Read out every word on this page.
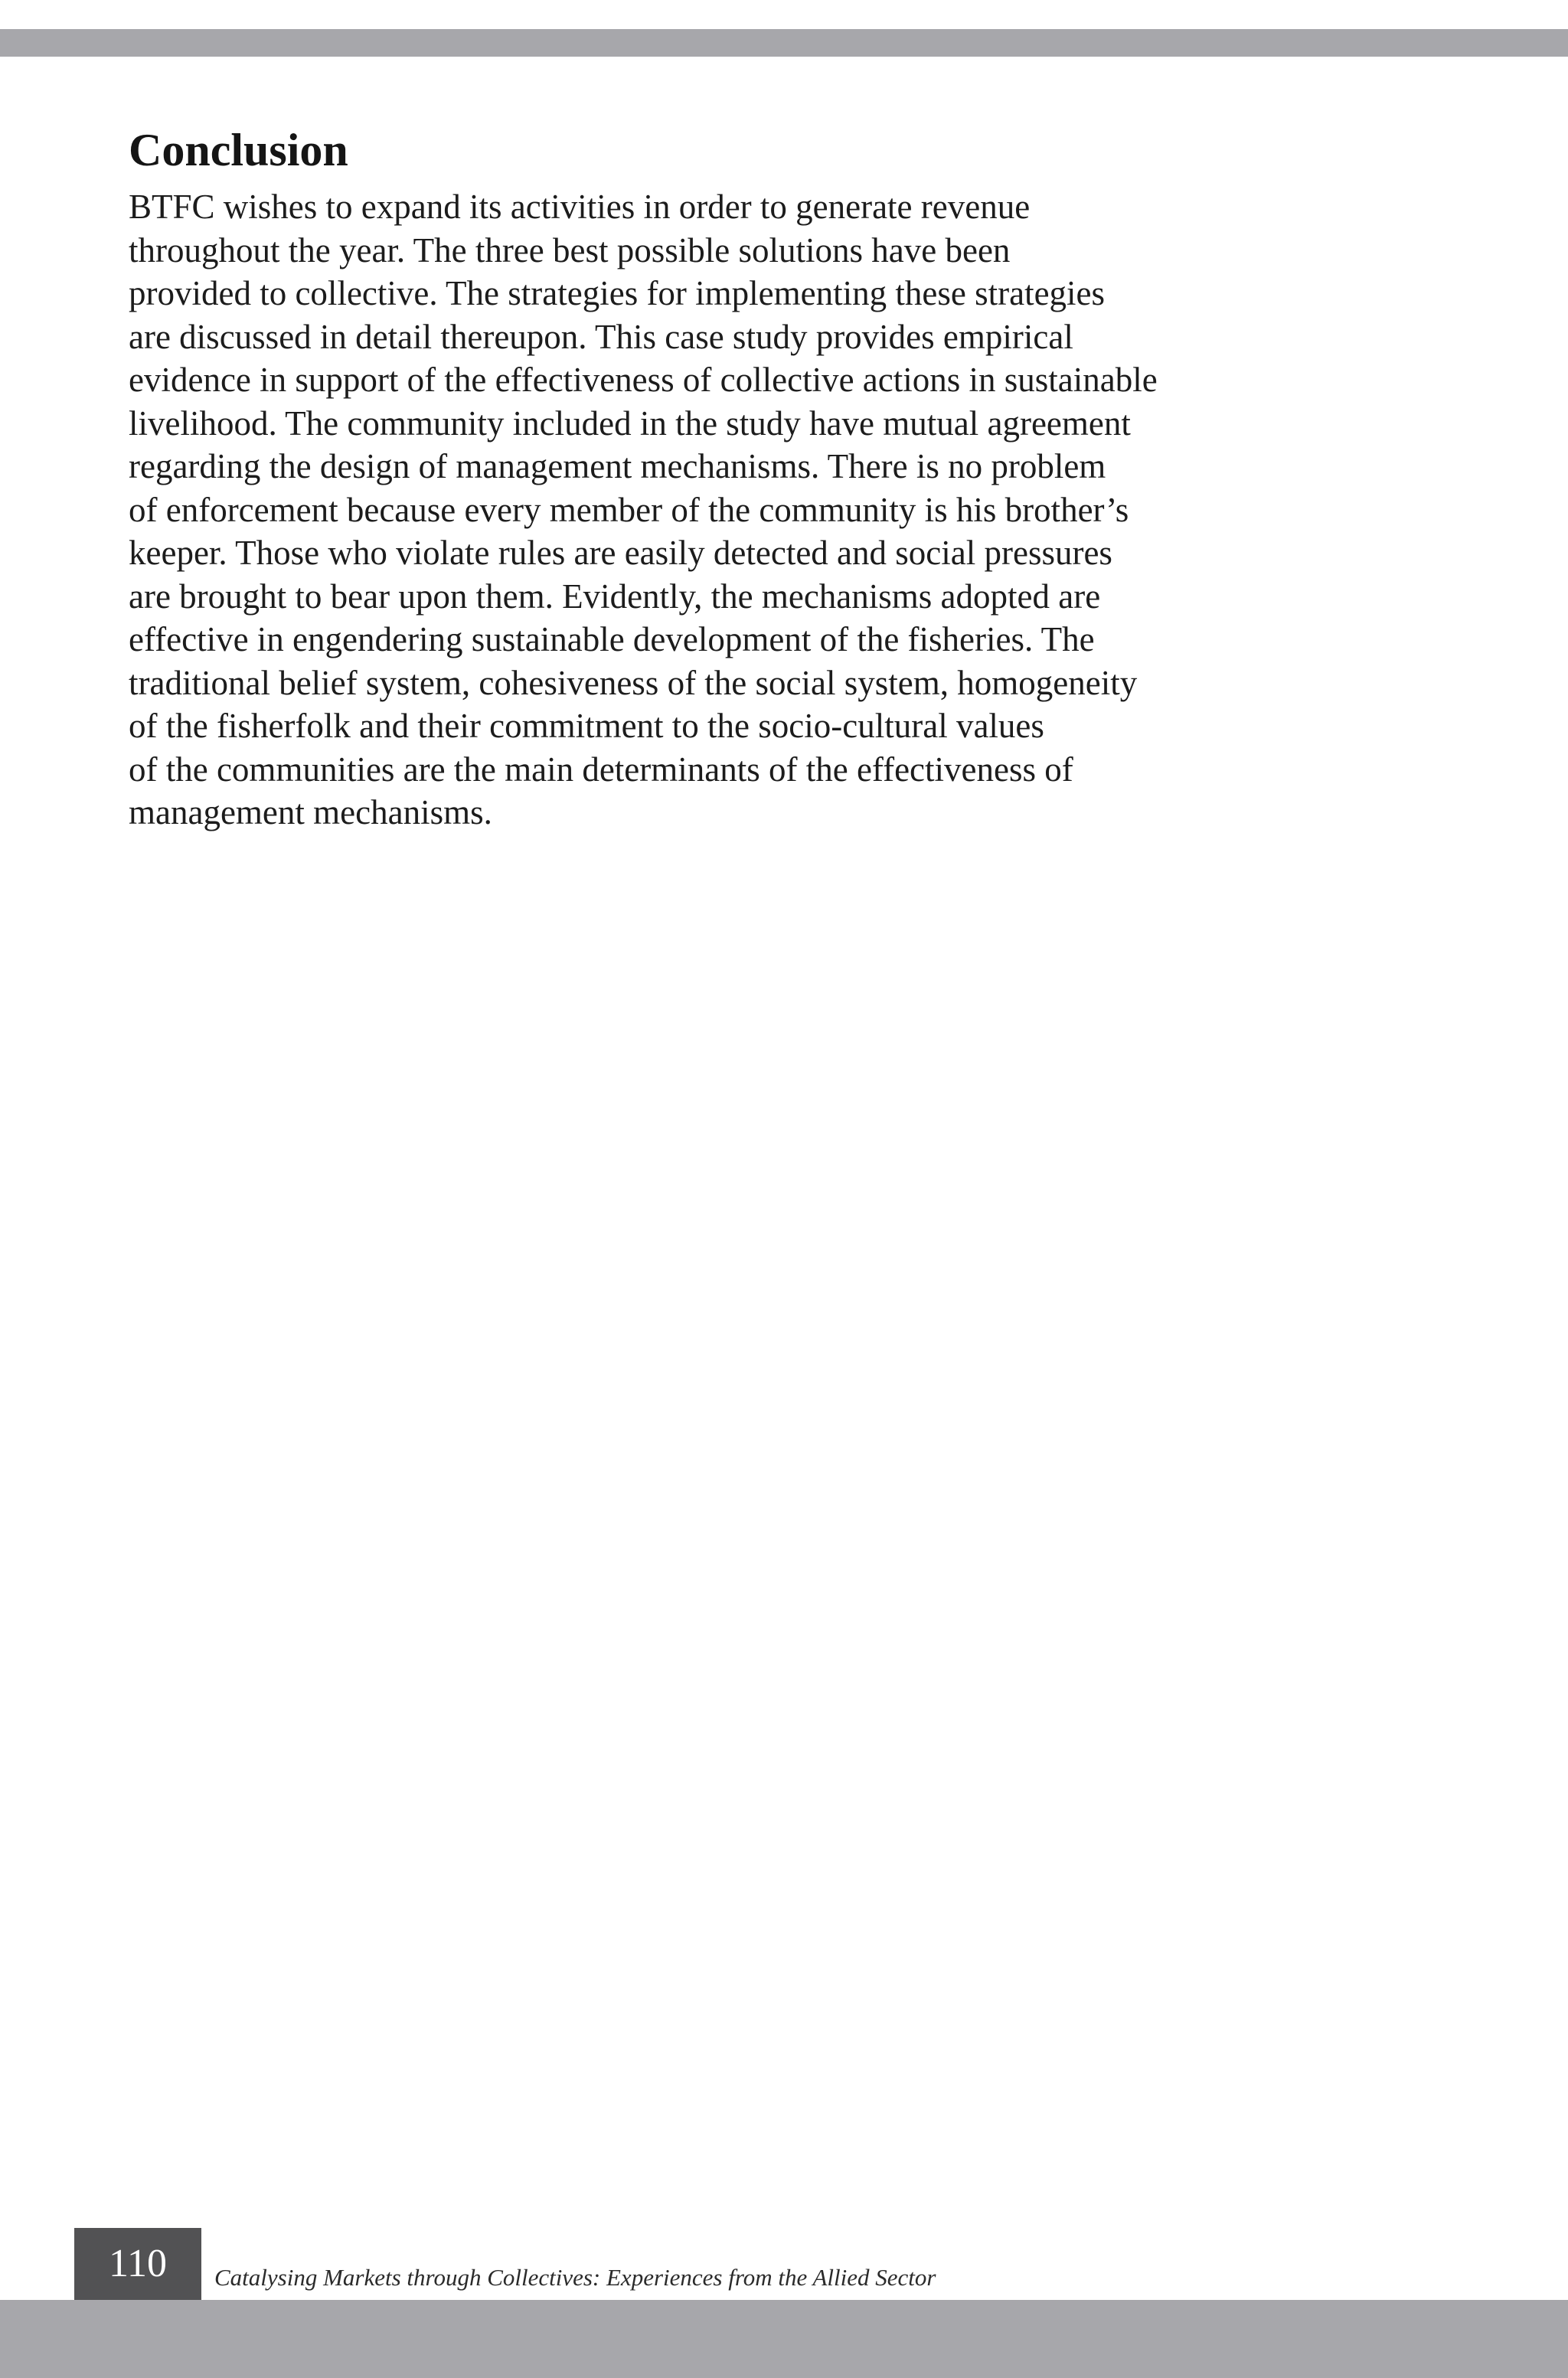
Conclusion

BTFC wishes to expand its activities in order to generate revenue
throughout the year. The three best possible solutions have been
provided to collective. The strategies for implementing these strategies
are discussed in detail thereupon. This case study provides empirical
evidence in support of the effectiveness of collective actions in sustainable
livelihood. The community included in the study have mutual agreement
regarding the design of management mechanisms. There is no problem
of enforcement because every member of the community is his brother’s
keeper. Those who violate rules are easily detected and social pressures
are brought to bear upon them. Evidently, the mechanisms adopted are
effective in engendering sustainable development of the fisheries. The
traditional belief system, cohesiveness of the social system, homogeneity
of the fisherfolk and their commitment to the socio-cultural values
of the communities are the main determinants of the effectiveness of
management mechanisms.

110	Catalysing Markets through Collectives: Experiences from the Allied Sector
